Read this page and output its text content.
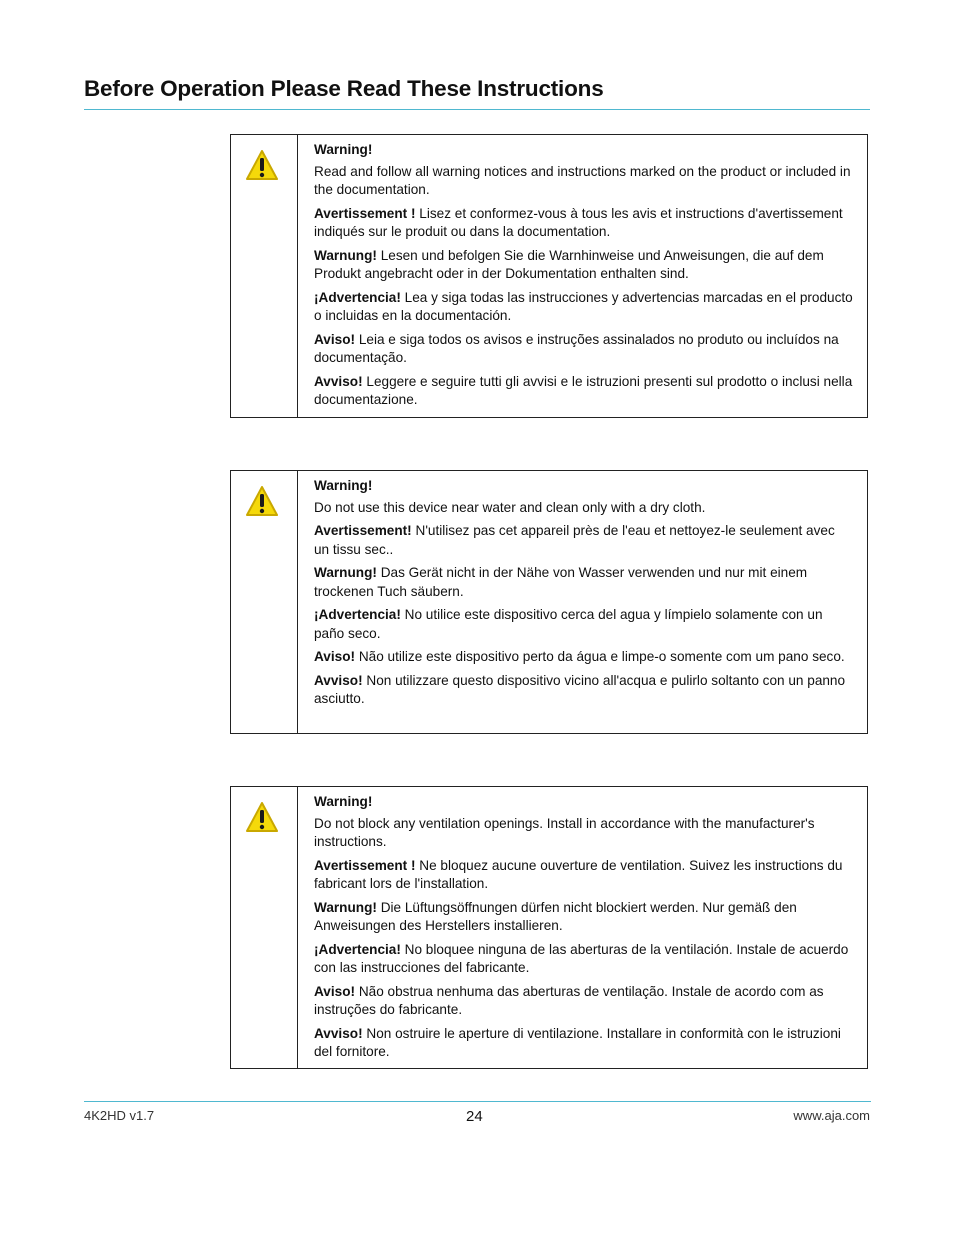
Before Operation Please Read These Instructions
Warning!

Read and follow all warning notices and instructions marked on the product or included in the documentation.

Avertissement ! Lisez et conformez-vous à tous les avis et instructions d'avertissement indiqués sur le produit ou dans la documentation.

Warnung! Lesen und befolgen Sie die Warnhinweise und Anweisungen, die auf dem Produkt angebracht oder in der Dokumentation enthalten sind.

¡Advertencia! Lea y siga todas las instrucciones y advertencias marcadas en el producto o incluidas en la documentación.

Aviso! Leia e siga todos os avisos e instruções assinalados no produto ou incluídos na documentação.

Avviso! Leggere e seguire tutti gli avvisi e le istruzioni presenti sul prodotto o inclusi nella documentazione.

Warning!

Do not use this device near water and clean only with a dry cloth.

Avertissement! N'utilisez pas cet appareil près de l'eau et nettoyez-le seulement avec un tissu sec..

Warnung! Das Gerät nicht in der Nähe von Wasser verwenden und nur mit einem trockenen Tuch säubern.

¡Advertencia! No utilice este dispositivo cerca del agua y límpielo solamente con un paño seco.

Aviso! Não utilize este dispositivo perto da água e limpe-o somente com um pano seco.

Avviso! Non utilizzare questo dispositivo vicino all'acqua e pulirlo soltanto con un panno asciutto.

Warning!

Do not block any ventilation openings. Install in accordance with the manufacturer's instructions.

Avertissement ! Ne bloquez aucune ouverture de ventilation. Suivez les instructions du fabricant lors de l'installation.

Warnung! Die Lüftungsöffnungen dürfen nicht blockiert werden. Nur gemäß den Anweisungen des Herstellers installieren.

¡Advertencia! No bloquee ninguna de las aberturas de la ventilación. Instale de acuerdo con las instrucciones del fabricante.

Aviso! Não obstrua nenhuma das aberturas de ventilação. Instale de acordo com as instruções do fabricante.

Avviso! Non ostruire le aperture di ventilazione. Installare in conformità con le istruzioni del fornitore.

4K2HD v1.7	24	www.aja.com
